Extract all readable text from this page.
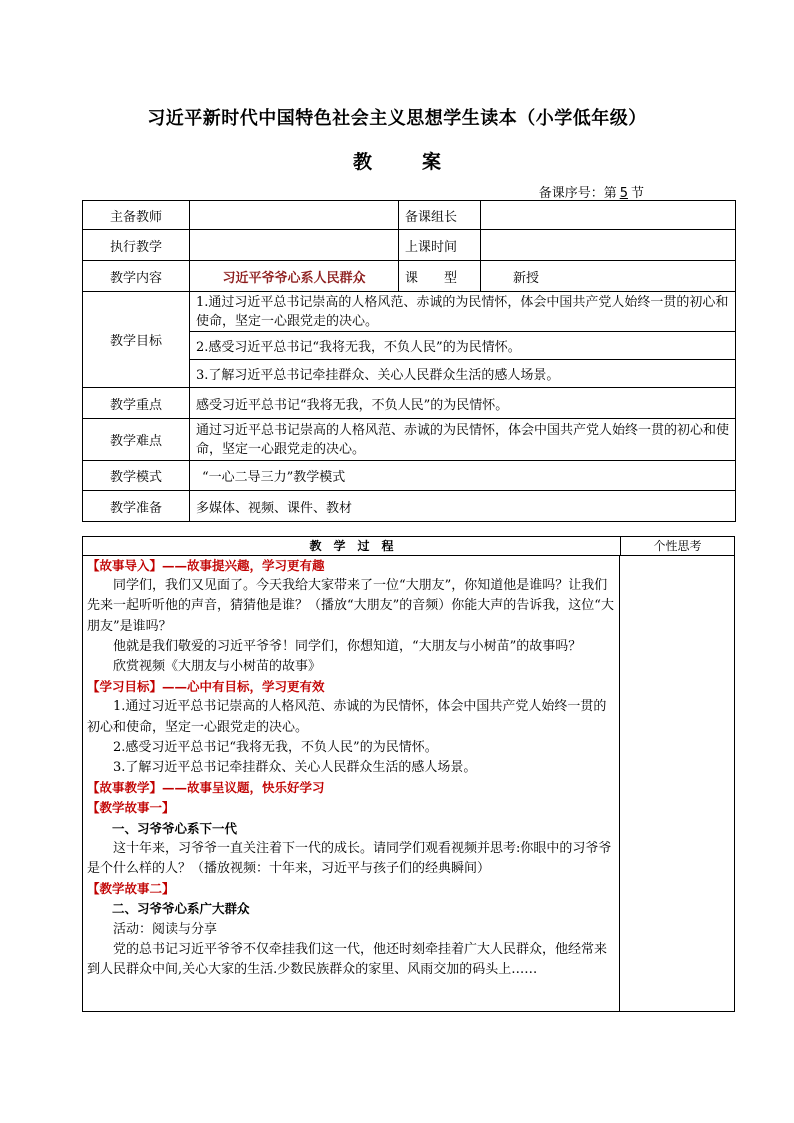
习近平新时代中国特色社会主义思想学生读本（小学低年级）
教	案
备课序号：第 5 节
主备教师		备课组长	
执行教学		上课时间	
教学内容	习近平爷爷心系人民群众	课　　型	新授
教学目标	1.通过习近平总书记崇高的人格风范、赤诚的为民情怀，体会中国共产党人始终一贯的初心和使命，坚定一心跟党走的决心。		
	2.感受习近平总书记“我将无我，不负人民”的为民情怀。		
	3.了解习近平总书记牵挂群众、关心人民群众生活的感人场景。		
教学重点	感受习近平总书记“我将无我，不负人民”的为民情怀。		
教学难点	通过习近平总书记崇高的人格风范、赤诚的为民情怀，体会中国共产党人始终一贯的初心和使命，坚定一心跟党走的决心。		
教学模式	“一心二导三力”教学模式		
教学准备	多媒体、视频、课件、教材		
教　学　过　程	个性思考

【故事导入】——故事提兴趣，学习更有趣

同学们，我们又见面了。今天我给大家带来了一位“大朋友”，你知道他是谁吗？让我们先来一起听听他的声音，猜猜他是谁？（播放“大朋友”的音频）你能大声的告诉我，这位“大朋友”是谁吗？

他就是我们敬爱的习近平爷爷！同学们，你想知道，“大朋友与小树苗”的故事吗？

欣赏视频《大朋友与小树苗的故事》

【学习目标】——心中有目标，学习更有效

1.通过习近平总书记崇高的人格风范、赤诚的为民情怀，体会中国共产党人始终一贯的初心和使命，坚定一心跟党走的决心。

2.感受习近平总书记“我将无我，不负人民”的为民情怀。

3.了解习近平总书记牵挂群众、关心人民群众生活的感人场景。

【故事教学】——故事呈议题，快乐好学习

【教学故事一】

一、习爷爷心系下一代

这十年来，习爷爷一直关注着下一代的成长。请同学们观看视频并思考:你眼中的习爷爷是个什么样的人？（播放视频：十年来，习近平与孩子们的经典瞬间）

【教学故事二】

二、习爷爷心系广大群众

活动：阅读与分享

党的总书记习近平爷爷不仅牵挂我们这一代，他还时刻牵挂着广大人民群众，他经常来到人民群众中间,关心大家的生活.少数民族群众的家里、风雨交加的码头上……
